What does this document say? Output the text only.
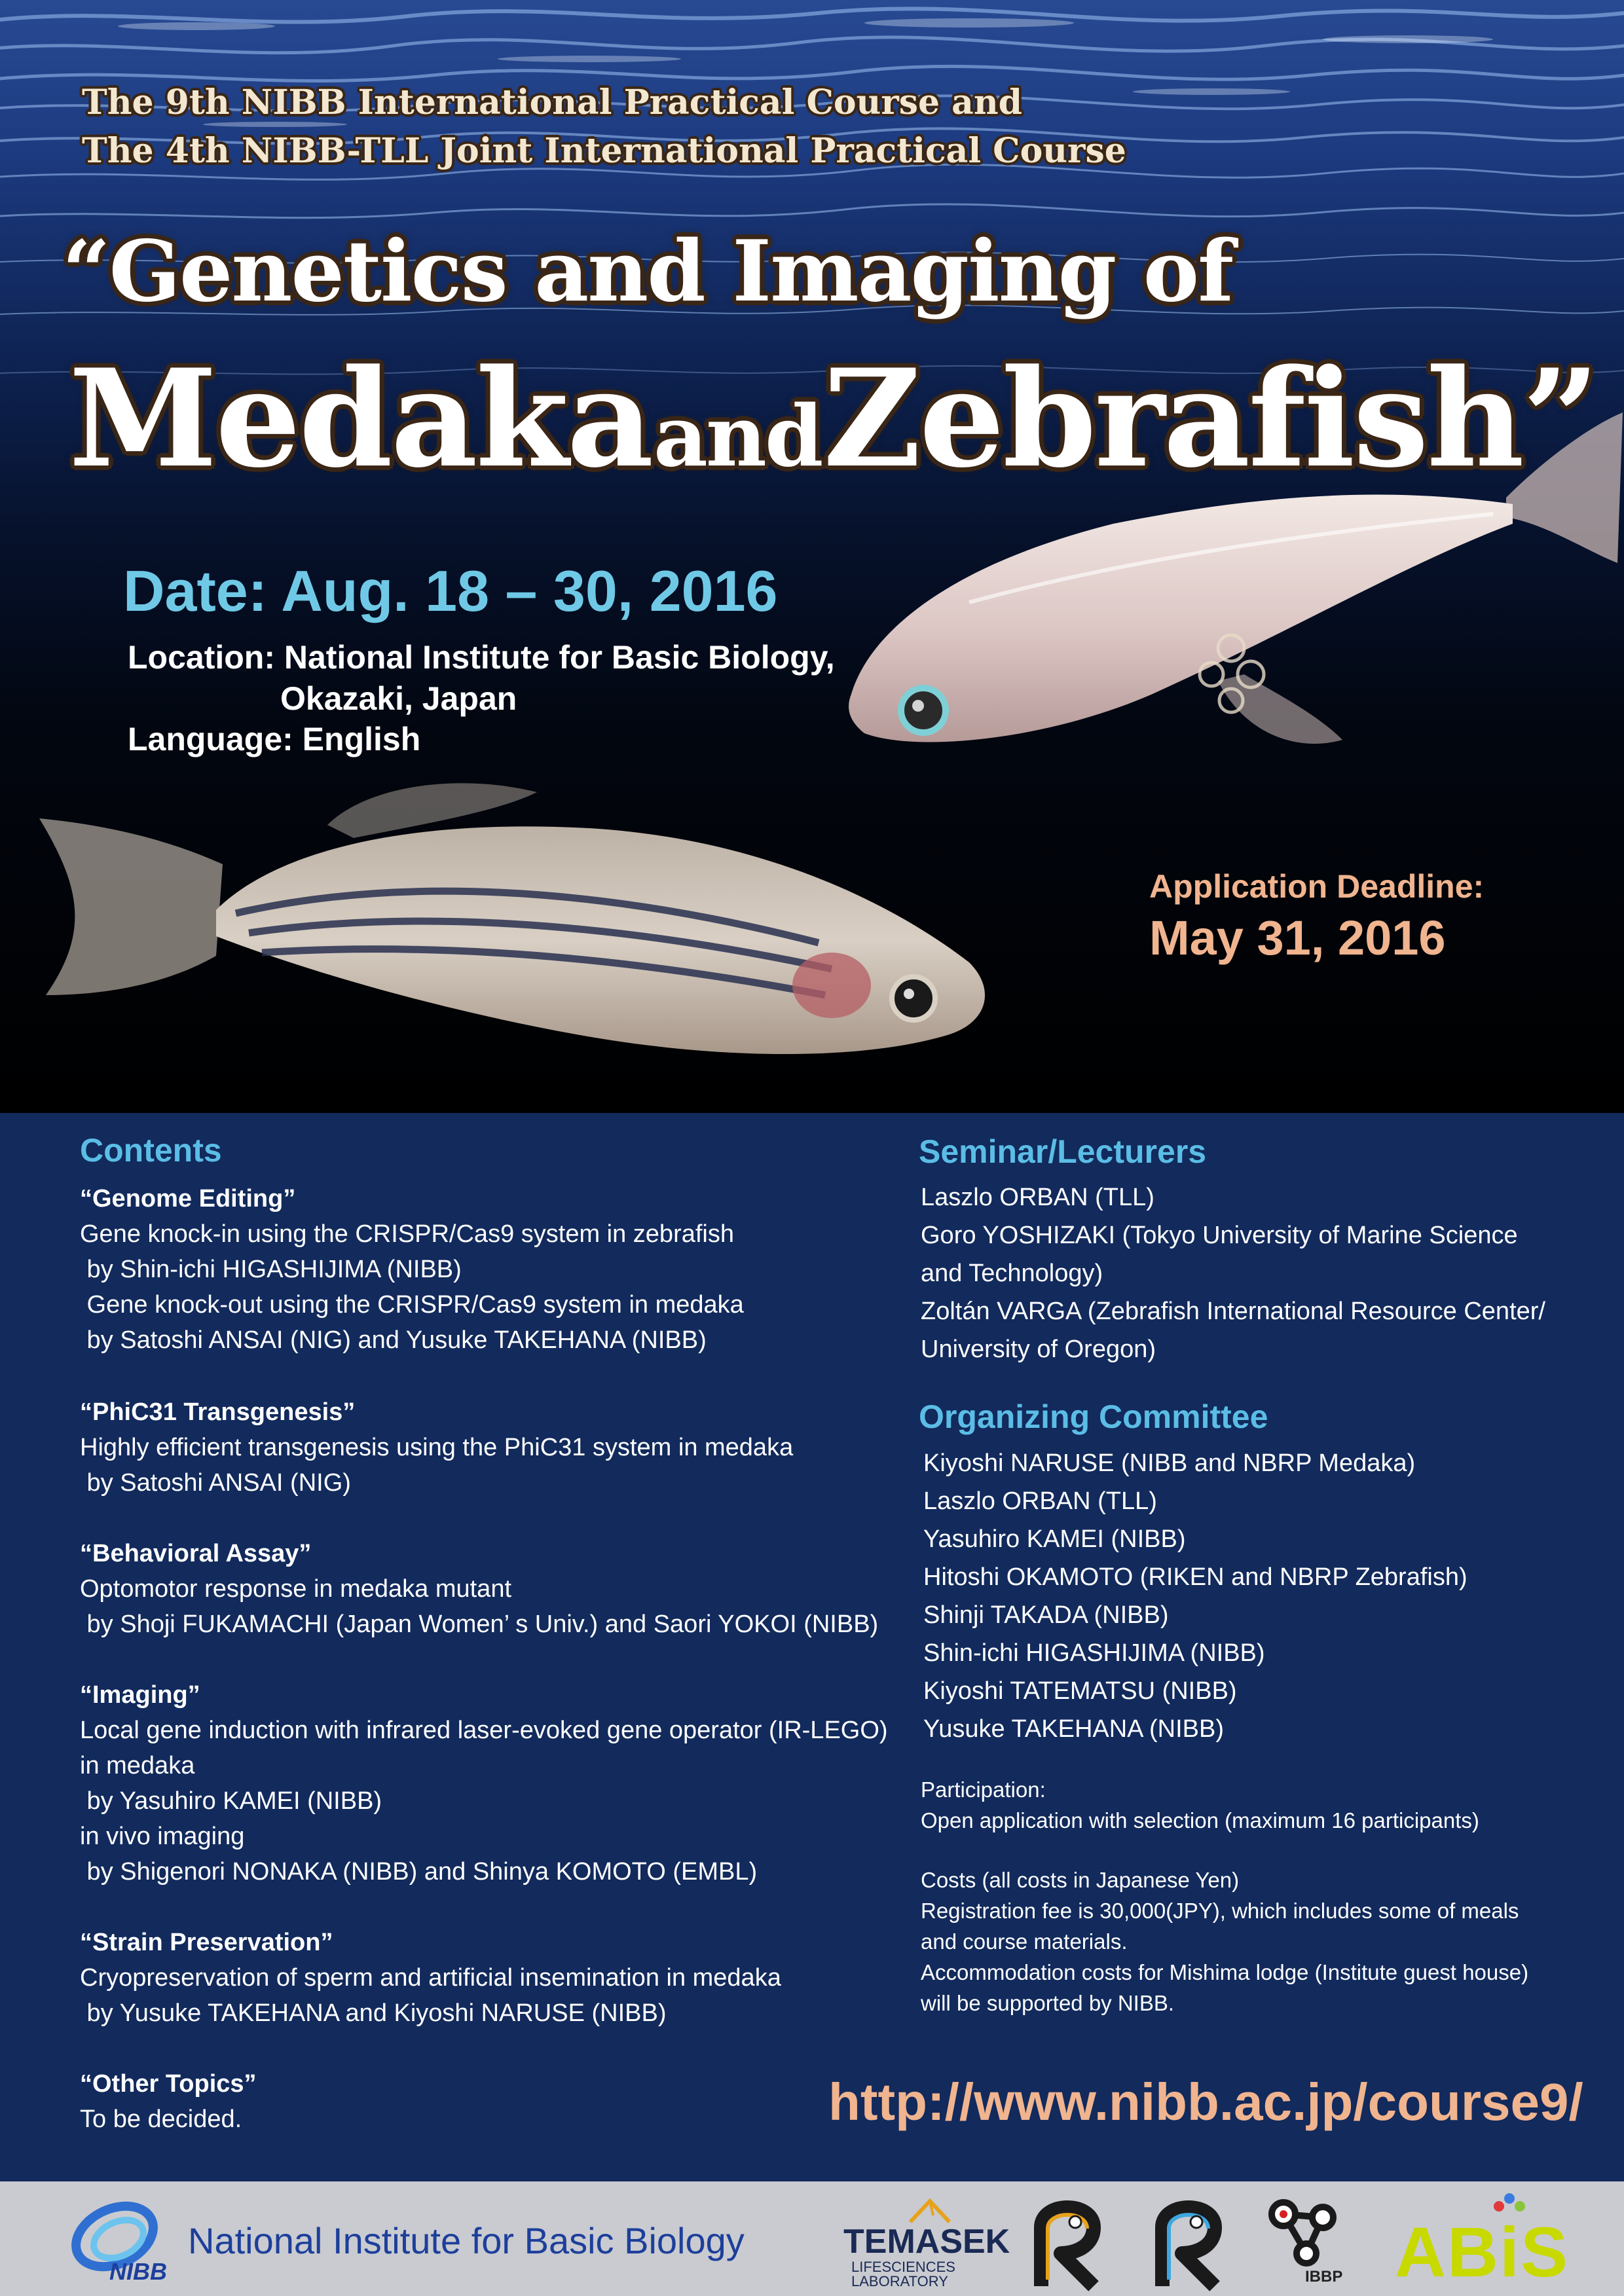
The 9th NIBB International Practical Course and
The 4th NIBB-TLL Joint International Practical Course
“Genetics and Imaging of
Medaka and Zebrafish”
Date: Aug. 18 – 30, 2016
Location: National Institute for Basic Biology,
Okazaki, Japan
Language: English
Application Deadline:
May 31, 2016
Contents
“Genome Editing”
Gene knock-in using the CRISPR/Cas9 system in zebrafish
by Shin-ichi HIGASHIJIMA (NIBB)
Gene knock-out using the CRISPR/Cas9 system in medaka
by Satoshi ANSAI (NIG) and Yusuke TAKEHANA (NIBB)
“PhiC31 Transgenesis”
Highly efficient transgenesis using the PhiC31 system in medaka
by Satoshi ANSAI (NIG)
“Behavioral Assay”
Optomotor response in medaka mutant
by Shoji FUKAMACHI (Japan Women’ s Univ.) and Saori YOKOI (NIBB)
“Imaging”
Local gene induction with infrared laser-evoked gene operator (IR-LEGO)
in medaka
by Yasuhiro KAMEI (NIBB)
in vivo imaging
by Shigenori NONAKA (NIBB) and Shinya KOMOTO (EMBL)
“Strain Preservation”
Cryopreservation of sperm and artificial insemination in medaka
by Yusuke TAKEHANA and Kiyoshi NARUSE (NIBB)
“Other Topics”
To be decided.
Seminar/Lecturers
Laszlo ORBAN (TLL)
Goro YOSHIZAKI (Tokyo University of Marine Science
and Technology)
Zoltán VARGA (Zebrafish International Resource Center/
University of Oregon)
Organizing Committee
Kiyoshi NARUSE (NIBB and NBRP Medaka)
Laszlo ORBAN (TLL)
Yasuhiro KAMEI (NIBB)
Hitoshi OKAMOTO (RIKEN and NBRP Zebrafish)
Shinji TAKADA (NIBB)
Shin-ichi HIGASHIJIMA (NIBB)
Kiyoshi TATEMATSU (NIBB)
Yusuke TAKEHANA (NIBB)
Participation:
Open application with selection (maximum 16 participants)
Costs (all costs in Japanese Yen)
Registration fee is 30,000(JPY), which includes some of meals
and course materials.
Accommodation costs for Mishima lodge (Institute guest house)
will be supported by NIBB.
http://www.nibb.ac.jp/course9/
NIBB
National Institute for Basic Biology	TEMASEK
LIFESCIENCES
LABORATORY	IBBP ABiS
